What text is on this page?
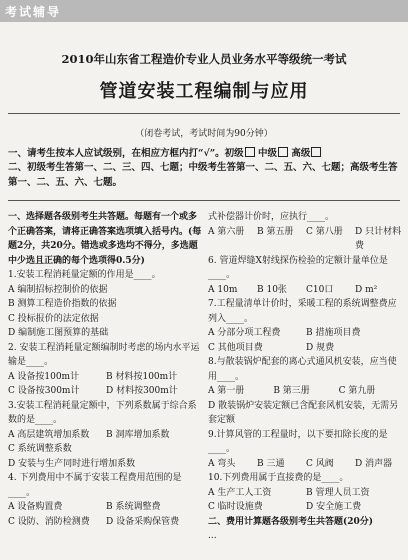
考试辅导
2010年山东省工程造价专业人员业务水平等级统一考试
管道安装工程编制与应用
（闭卷考试，考试时间为90分钟）
一、请考生按本人应试级别，在相应方框内打“√”。初级 中级 高级
二、初级考生答第一、二、三、四、七题；中级考生答第一、二、五、六、七题；高级考生答第一、二、五、六、七题。

一、选择题各级别考生共答题。每题有一个或多个正确答案，请将正确答案选项填入括号内。(每题2分，共20分。错选或多选均不得分，多选题中少选且正确的每个选项得0.5分)

1.安装工程消耗量定额的作用是____。

A 编制招标控制价的依据

B 测算工程造价指数的依据

C 投标报价的法定依据

D 编制施工图预算的基础

2. 安装工程消耗量定额编制时考虑的场内水平运输是____。

A 设备按100m计	B 材料按100m计
C 设备按300m计	D 材料按300m计

3.安装工程消耗量定额中，下列系数属于综合系数的是____。

A 高层建筑增加系数	B 洞库增加系数

C 系统调整系数

D 安装与生产同时进行增加系数

4. 下列费用中不属于安装工程费用范围的是____。

A 设备购置费	B 系统调整费
C 设防、消防检测费	D 设备采购保管费

式补偿器计价时，应执行____。

A 第六册	B 第五册	C 第八册	D 只计材料费

6. 管道焊缝X射线探伤检验的定额计量单位是____。

A 10m	B 10张	C10口	D m²

7.工程量清单计价时，采暖工程的系统调整费应列入____。

A 分部分项工程费	B 措施项目费
C 其他项目费	D 规费

8.与散装锅炉配套的离心式通风机安装，应当使用____。

A 第一册	B 第三册	C 第九册

D 散装锅炉安装定额已含配套风机安装，无需另套定额

9.计算风管的工程量时，以下要扣除长度的是____。

A 弯头	B 三通	C 风阀	D 消声器

10.下列费用属于直接费的是____。

A 生产工人工资	B 管理人员工资
C 临时设施费	D 安全施工费

二、费用计算题各级别考生共答题(20分)

...
